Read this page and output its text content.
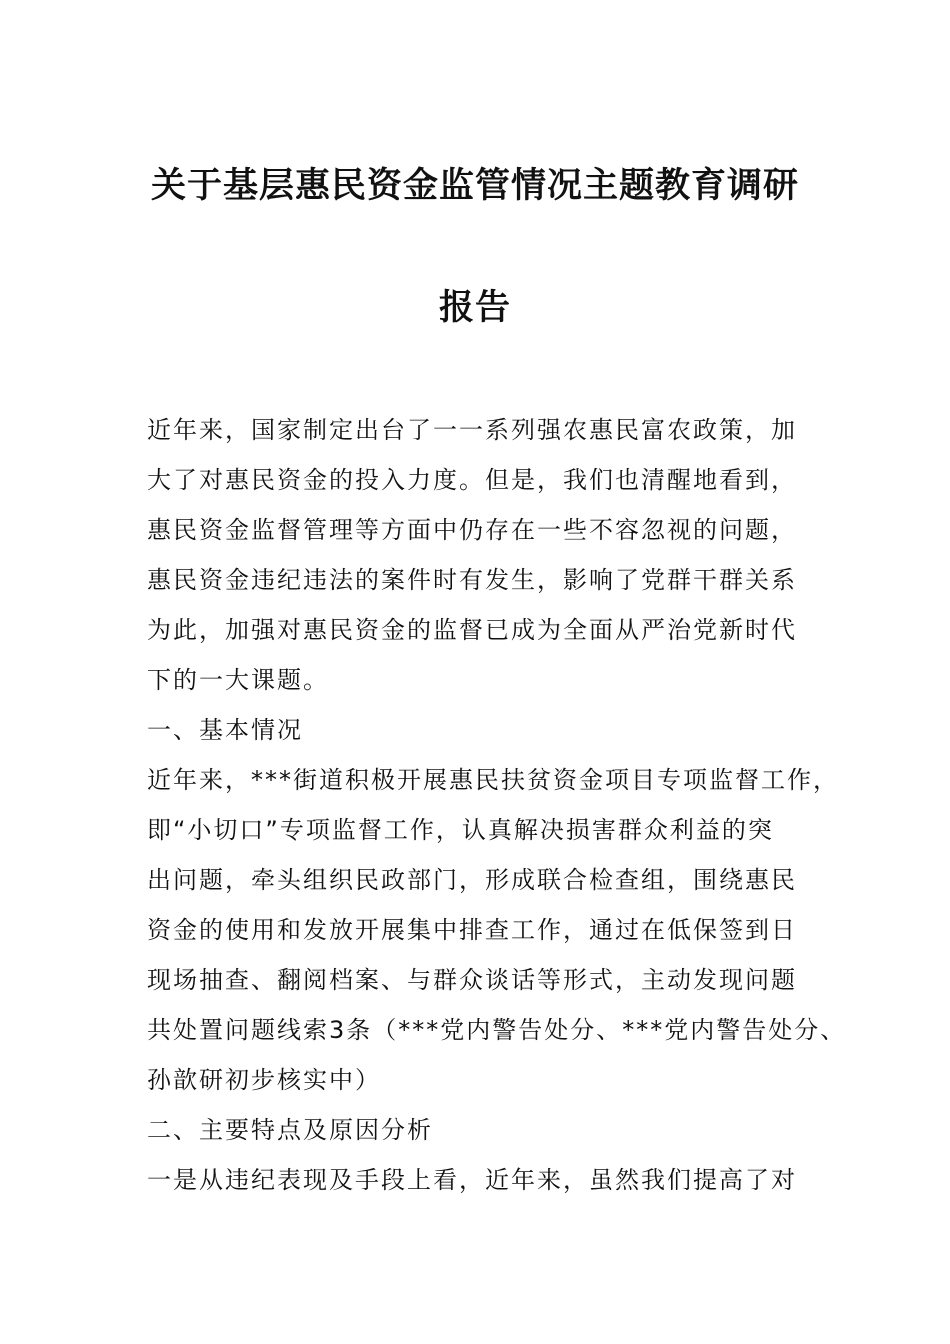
关于基层惠民资金监管情况主题教育调研
报告
近年来，国家制定出台了一一系列强农惠民富农政策，加
大了对惠民资金的投入力度。但是，我们也清醒地看到，
惠民资金监督管理等方面中仍存在一些不容忽视的问题，
惠民资金违纪违法的案件时有发生，影响了党群干群关系
为此，加强对惠民资金的监督已成为全面从严治党新时代
下的一大课题。
一、基本情况
近年来，***街道积极开展惠民扶贫资金项目专项监督工作，
即“小切口”专项监督工作，认真解决损害群众利益的突
出问题，牵头组织民政部门，形成联合检查组，围绕惠民
资金的使用和发放开展集中排查工作，通过在低保签到日
现场抽查、翻阅档案、与群众谈话等形式，主动发现问题
共处置问题线索3条（***党内警告处分、***党内警告处分、
孙歆研初步核实中）
二、主要特点及原因分析
一是从违纪表现及手段上看，近年来，虽然我们提高了对
